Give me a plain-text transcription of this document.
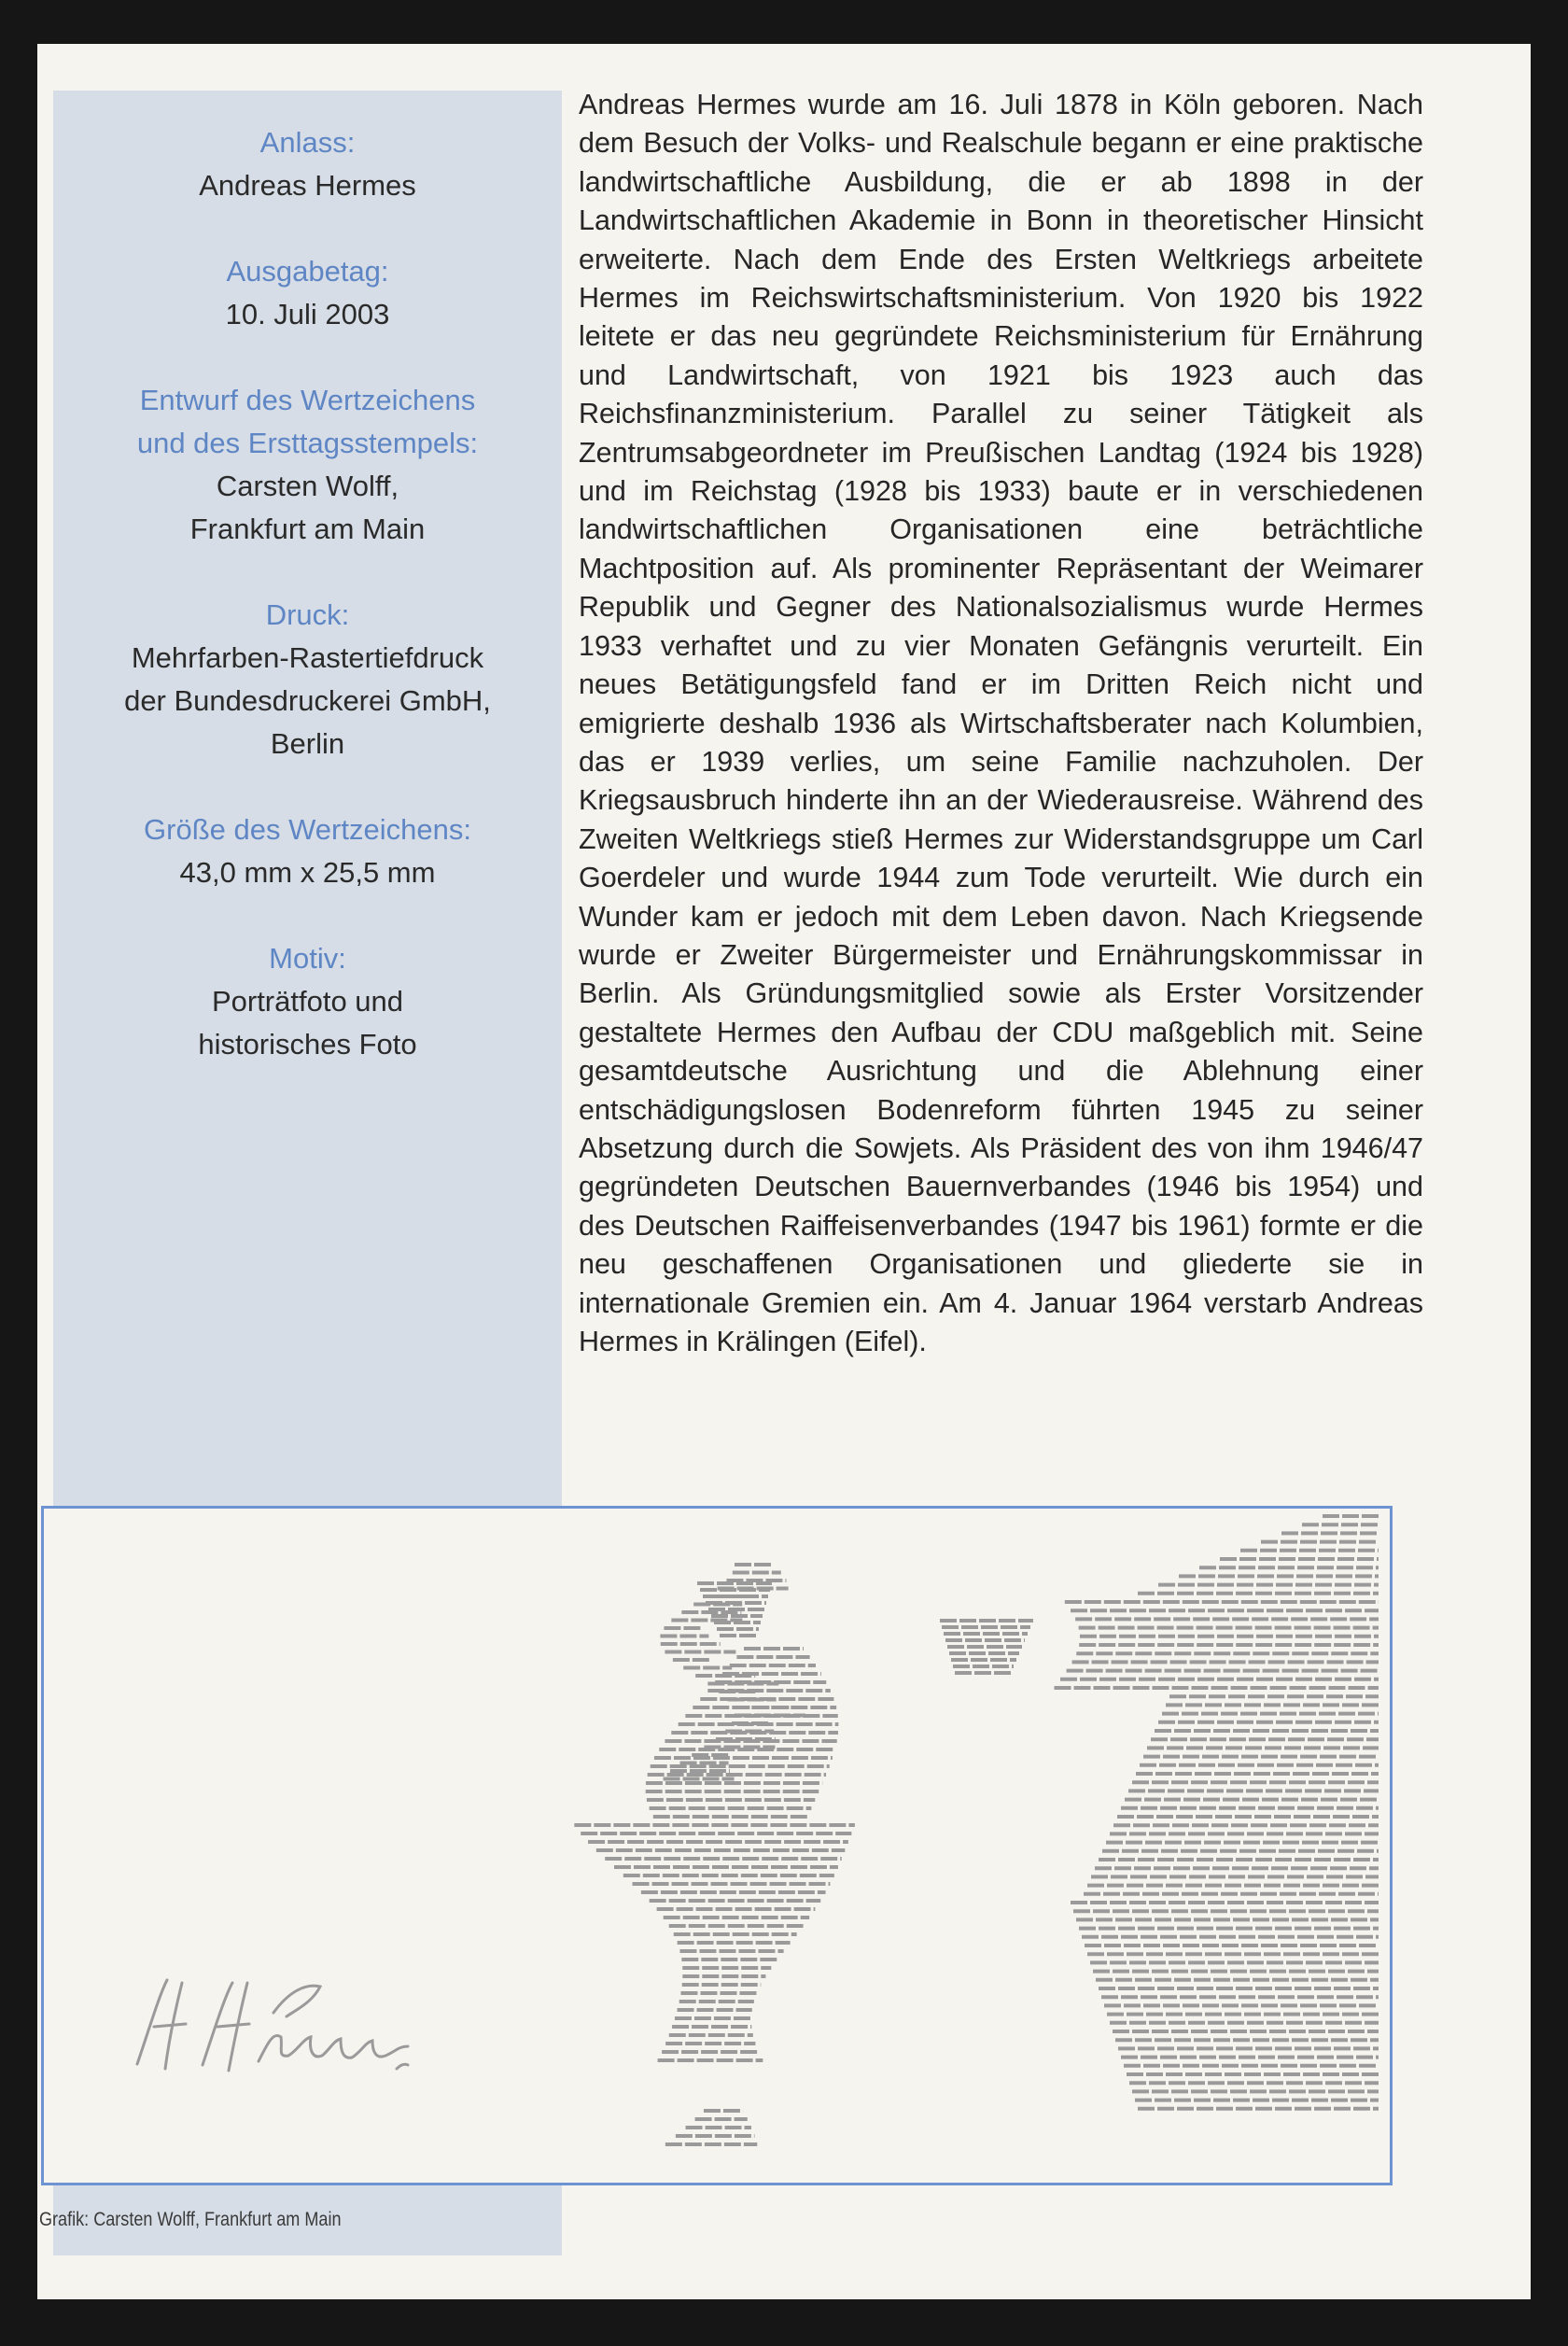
Anlass:
Andreas Hermes
Ausgabetag:
10. Juli 2003
Entwurf des Wertzeichens
und des Ersttagsstempels:
Carsten Wolff,
Frankfurt am Main
Druck:
Mehrfarben-Rastertiefdruck
der Bundesdruckerei GmbH,
Berlin
Größe des Wertzeichens:
43,0 mm x 25,5 mm
Motiv:
Porträtfoto und
historisches Foto
Andreas Hermes wurde am 16. Juli 1878 in Köln geboren. Nach dem Besuch der Volks- und Realschule begann er eine praktische landwirtschaftliche Ausbildung, die er ab 1898 in der Landwirtschaftlichen Akademie in Bonn in theoretischer Hinsicht erweiterte. Nach dem Ende des Ersten Weltkriegs arbeitete Hermes im Reichswirtschaftsministerium. Von 1920 bis 1922 leitete er das neu gegründete Reichsministerium für Ernährung und Landwirtschaft, von 1921 bis 1923 auch das Reichsfinanzministerium. Parallel zu seiner Tätigkeit als Zentrumsabgeordneter im Preußischen Landtag (1924 bis 1928) und im Reichstag (1928 bis 1933) baute er in verschiedenen landwirtschaftlichen Organisationen eine beträchtliche Machtposition auf. Als prominenter Repräsentant der Weimarer Republik und Gegner des Nationalsozialismus wurde Hermes 1933 verhaftet und zu vier Monaten Gefängnis verurteilt. Ein neues Betätigungsfeld fand er im Dritten Reich nicht und emigrierte deshalb 1936 als Wirtschaftsberater nach Kolumbien, das er 1939 verlies, um seine Familie nachzuholen. Der Kriegsausbruch hinderte ihn an der Wiederausreise. Während des Zweiten Weltkriegs stieß Hermes zur Widerstandsgruppe um Carl Goerdeler und wurde 1944 zum Tode verurteilt. Wie durch ein Wunder kam er jedoch mit dem Leben davon. Nach Kriegsende wurde er Zweiter Bürgermeister und Ernährungskommissar in Berlin. Als Gründungsmitglied sowie als Erster Vorsitzender gestaltete Hermes den Aufbau der CDU maßgeblich mit. Seine gesamtdeutsche Ausrichtung und die Ablehnung einer entschädigungslosen Bodenreform führten 1945 zu seiner Absetzung durch die Sowjets. Als Präsident des von ihm 1946/47 gegründeten Deutschen Bauernverbandes (1946 bis 1954) und des Deutschen Raiffeisenverbandes (1947 bis 1961) formte er die neu geschaffenen Organisationen und gliederte sie in internationale Gremien ein. Am 4. Januar 1964 verstarb Andreas Hermes in Krälingen (Eifel).
Grafik: Carsten Wolff, Frankfurt am Main
